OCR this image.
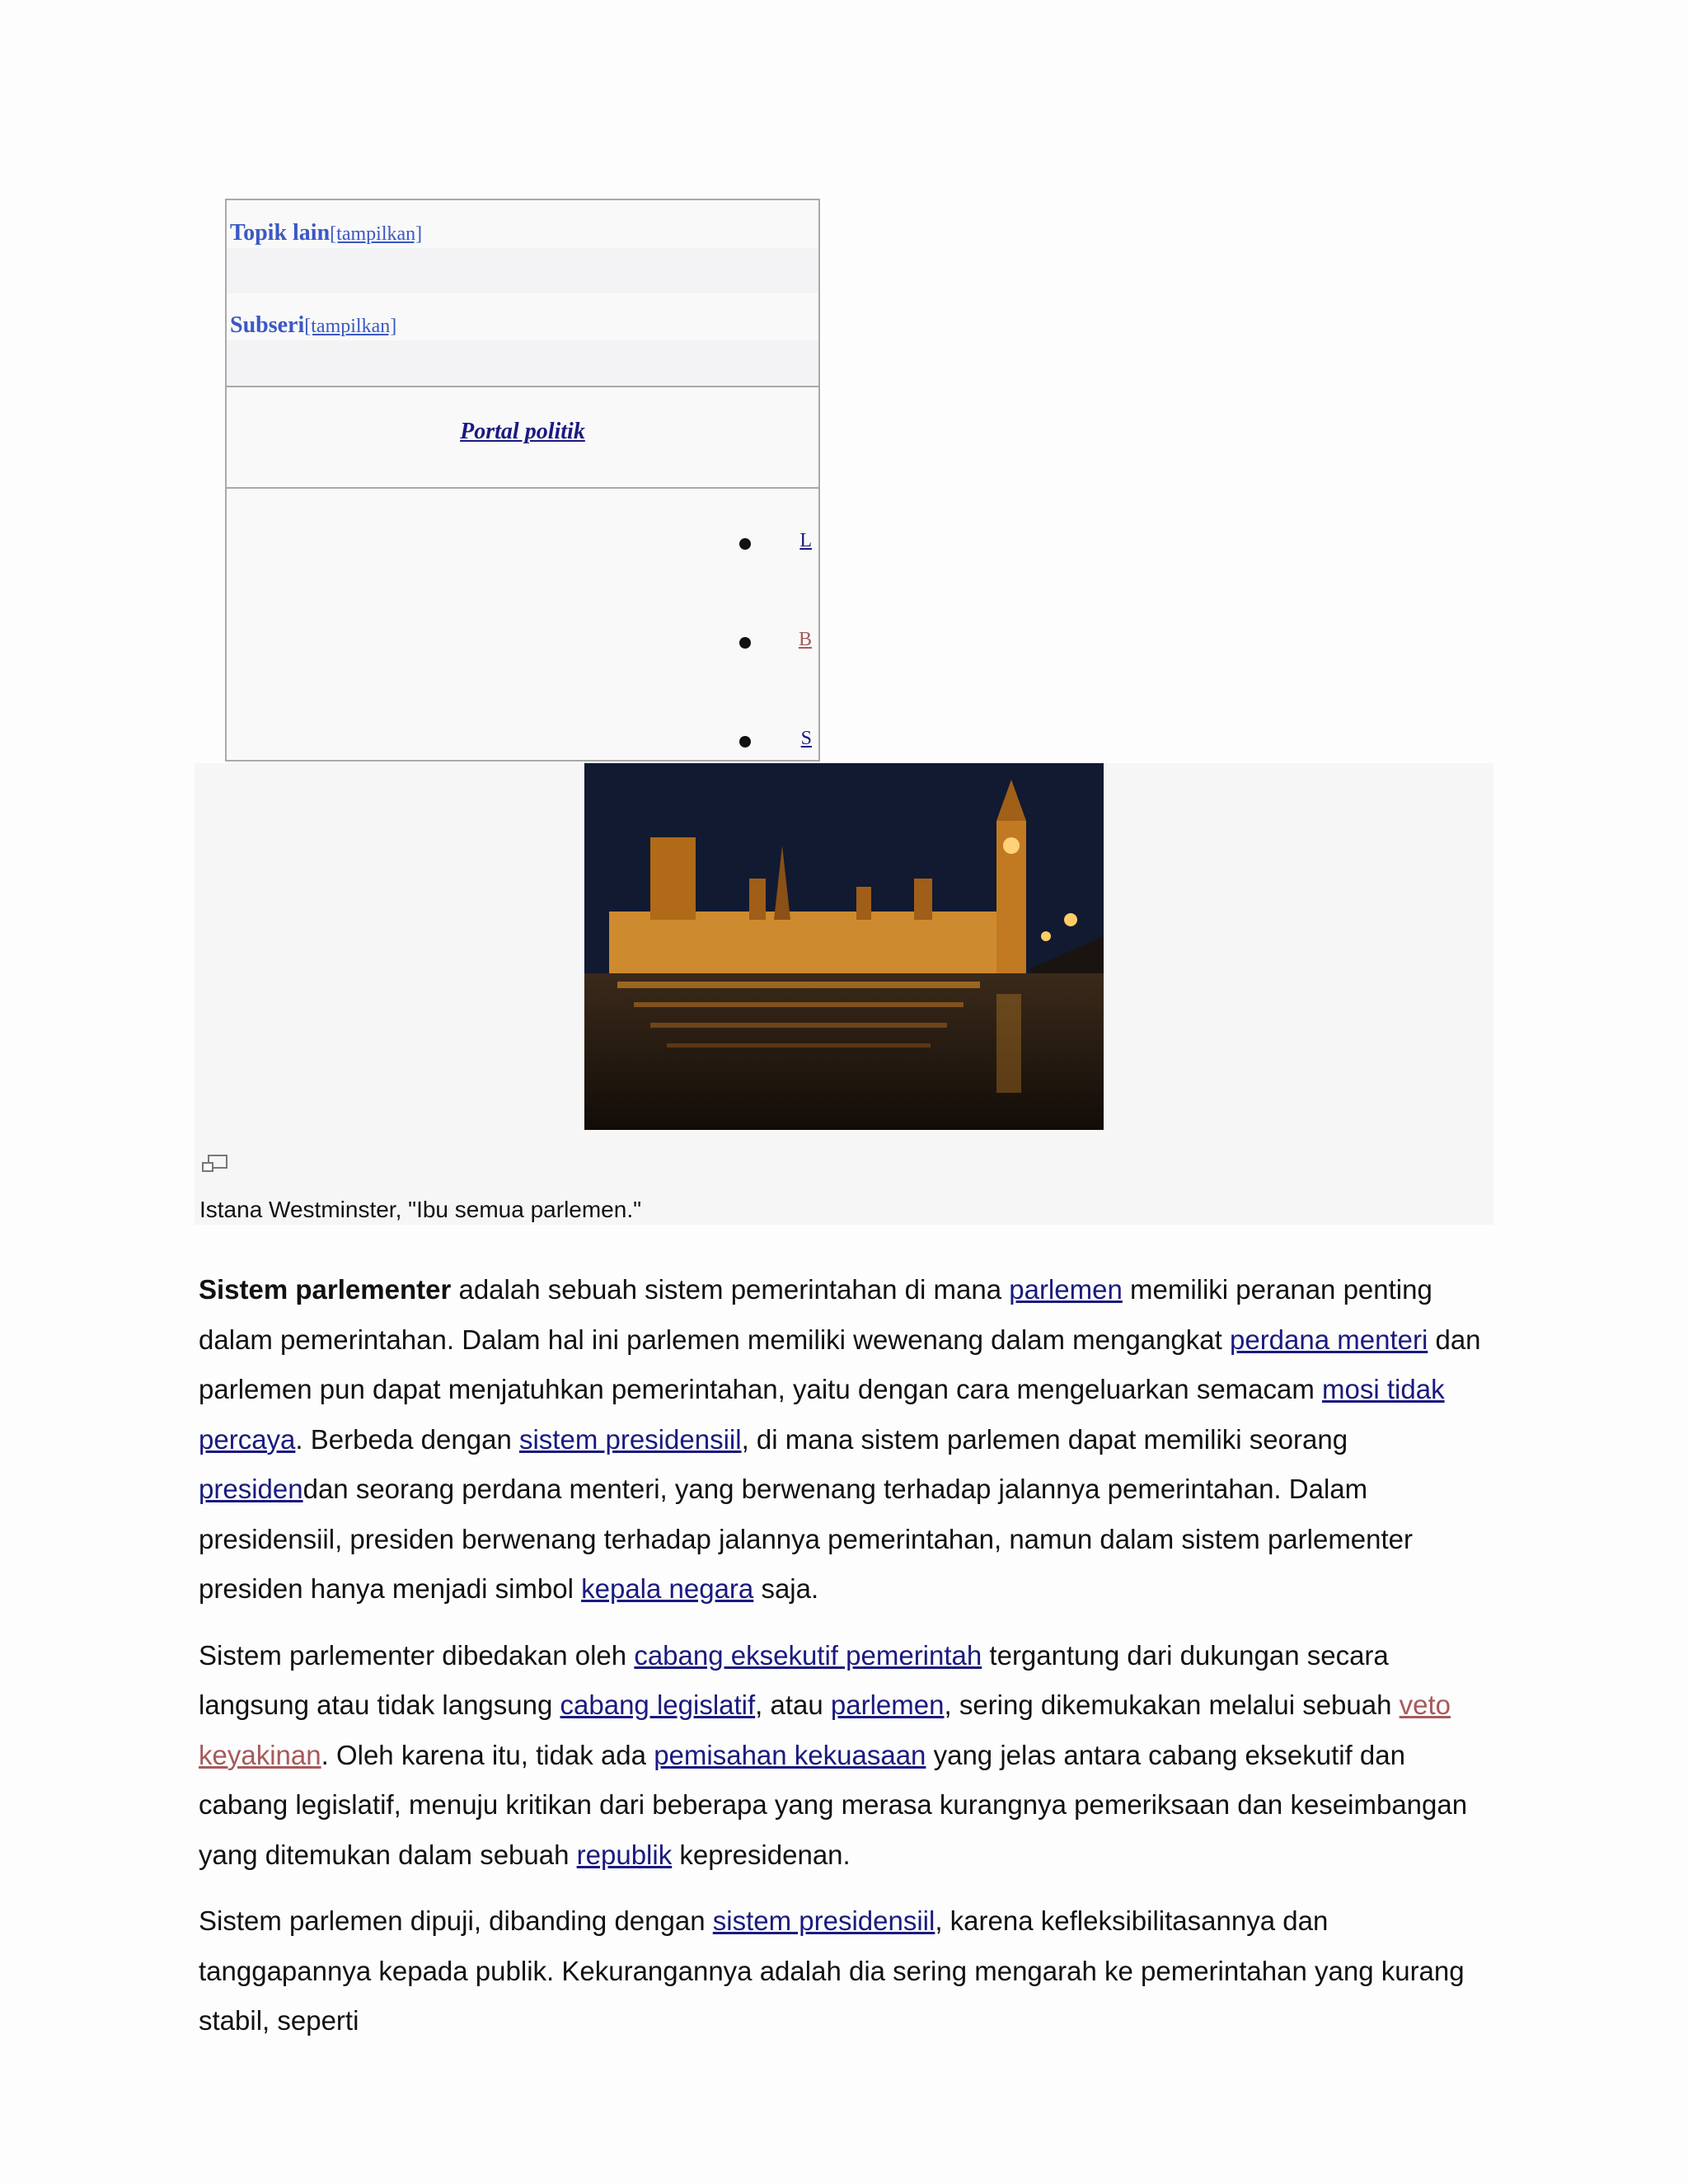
Topik lain[tampilkan]
Subseri[tampilkan]
Portal politik
L
B
S
Istana Westminster, "Ibu semua parlemen."

Sistem parlementer adalah sebuah sistem pemerintahan di mana parlemen memiliki peranan penting dalam pemerintahan. Dalam hal ini parlemen memiliki wewenang dalam mengangkat perdana menteri dan parlemen pun dapat menjatuhkan pemerintahan, yaitu dengan cara mengeluarkan semacam mosi tidak percaya. Berbeda dengan sistem presidensiil, di mana sistem parlemen dapat memiliki seorang presidendan seorang perdana menteri, yang berwenang terhadap jalannya pemerintahan. Dalam presidensiil, presiden berwenang terhadap jalannya pemerintahan, namun dalam sistem parlementer presiden hanya menjadi simbol kepala negara saja.

Sistem parlementer dibedakan oleh cabang eksekutif pemerintah tergantung dari dukungan secara langsung atau tidak langsung cabang legislatif, atau parlemen, sering dikemukakan melalui sebuah veto keyakinan. Oleh karena itu, tidak ada pemisahan kekuasaan yang jelas antara cabang eksekutif dan cabang legislatif, menuju kritikan dari beberapa yang merasa kurangnya pemeriksaan dan keseimbangan yang ditemukan dalam sebuah republik kepresidenan.

Sistem parlemen dipuji, dibanding dengan sistem presidensiil, karena kefleksibilitasannya dan tanggapannya kepada publik. Kekurangannya adalah dia sering mengarah ke pemerintahan yang kurang stabil, seperti
